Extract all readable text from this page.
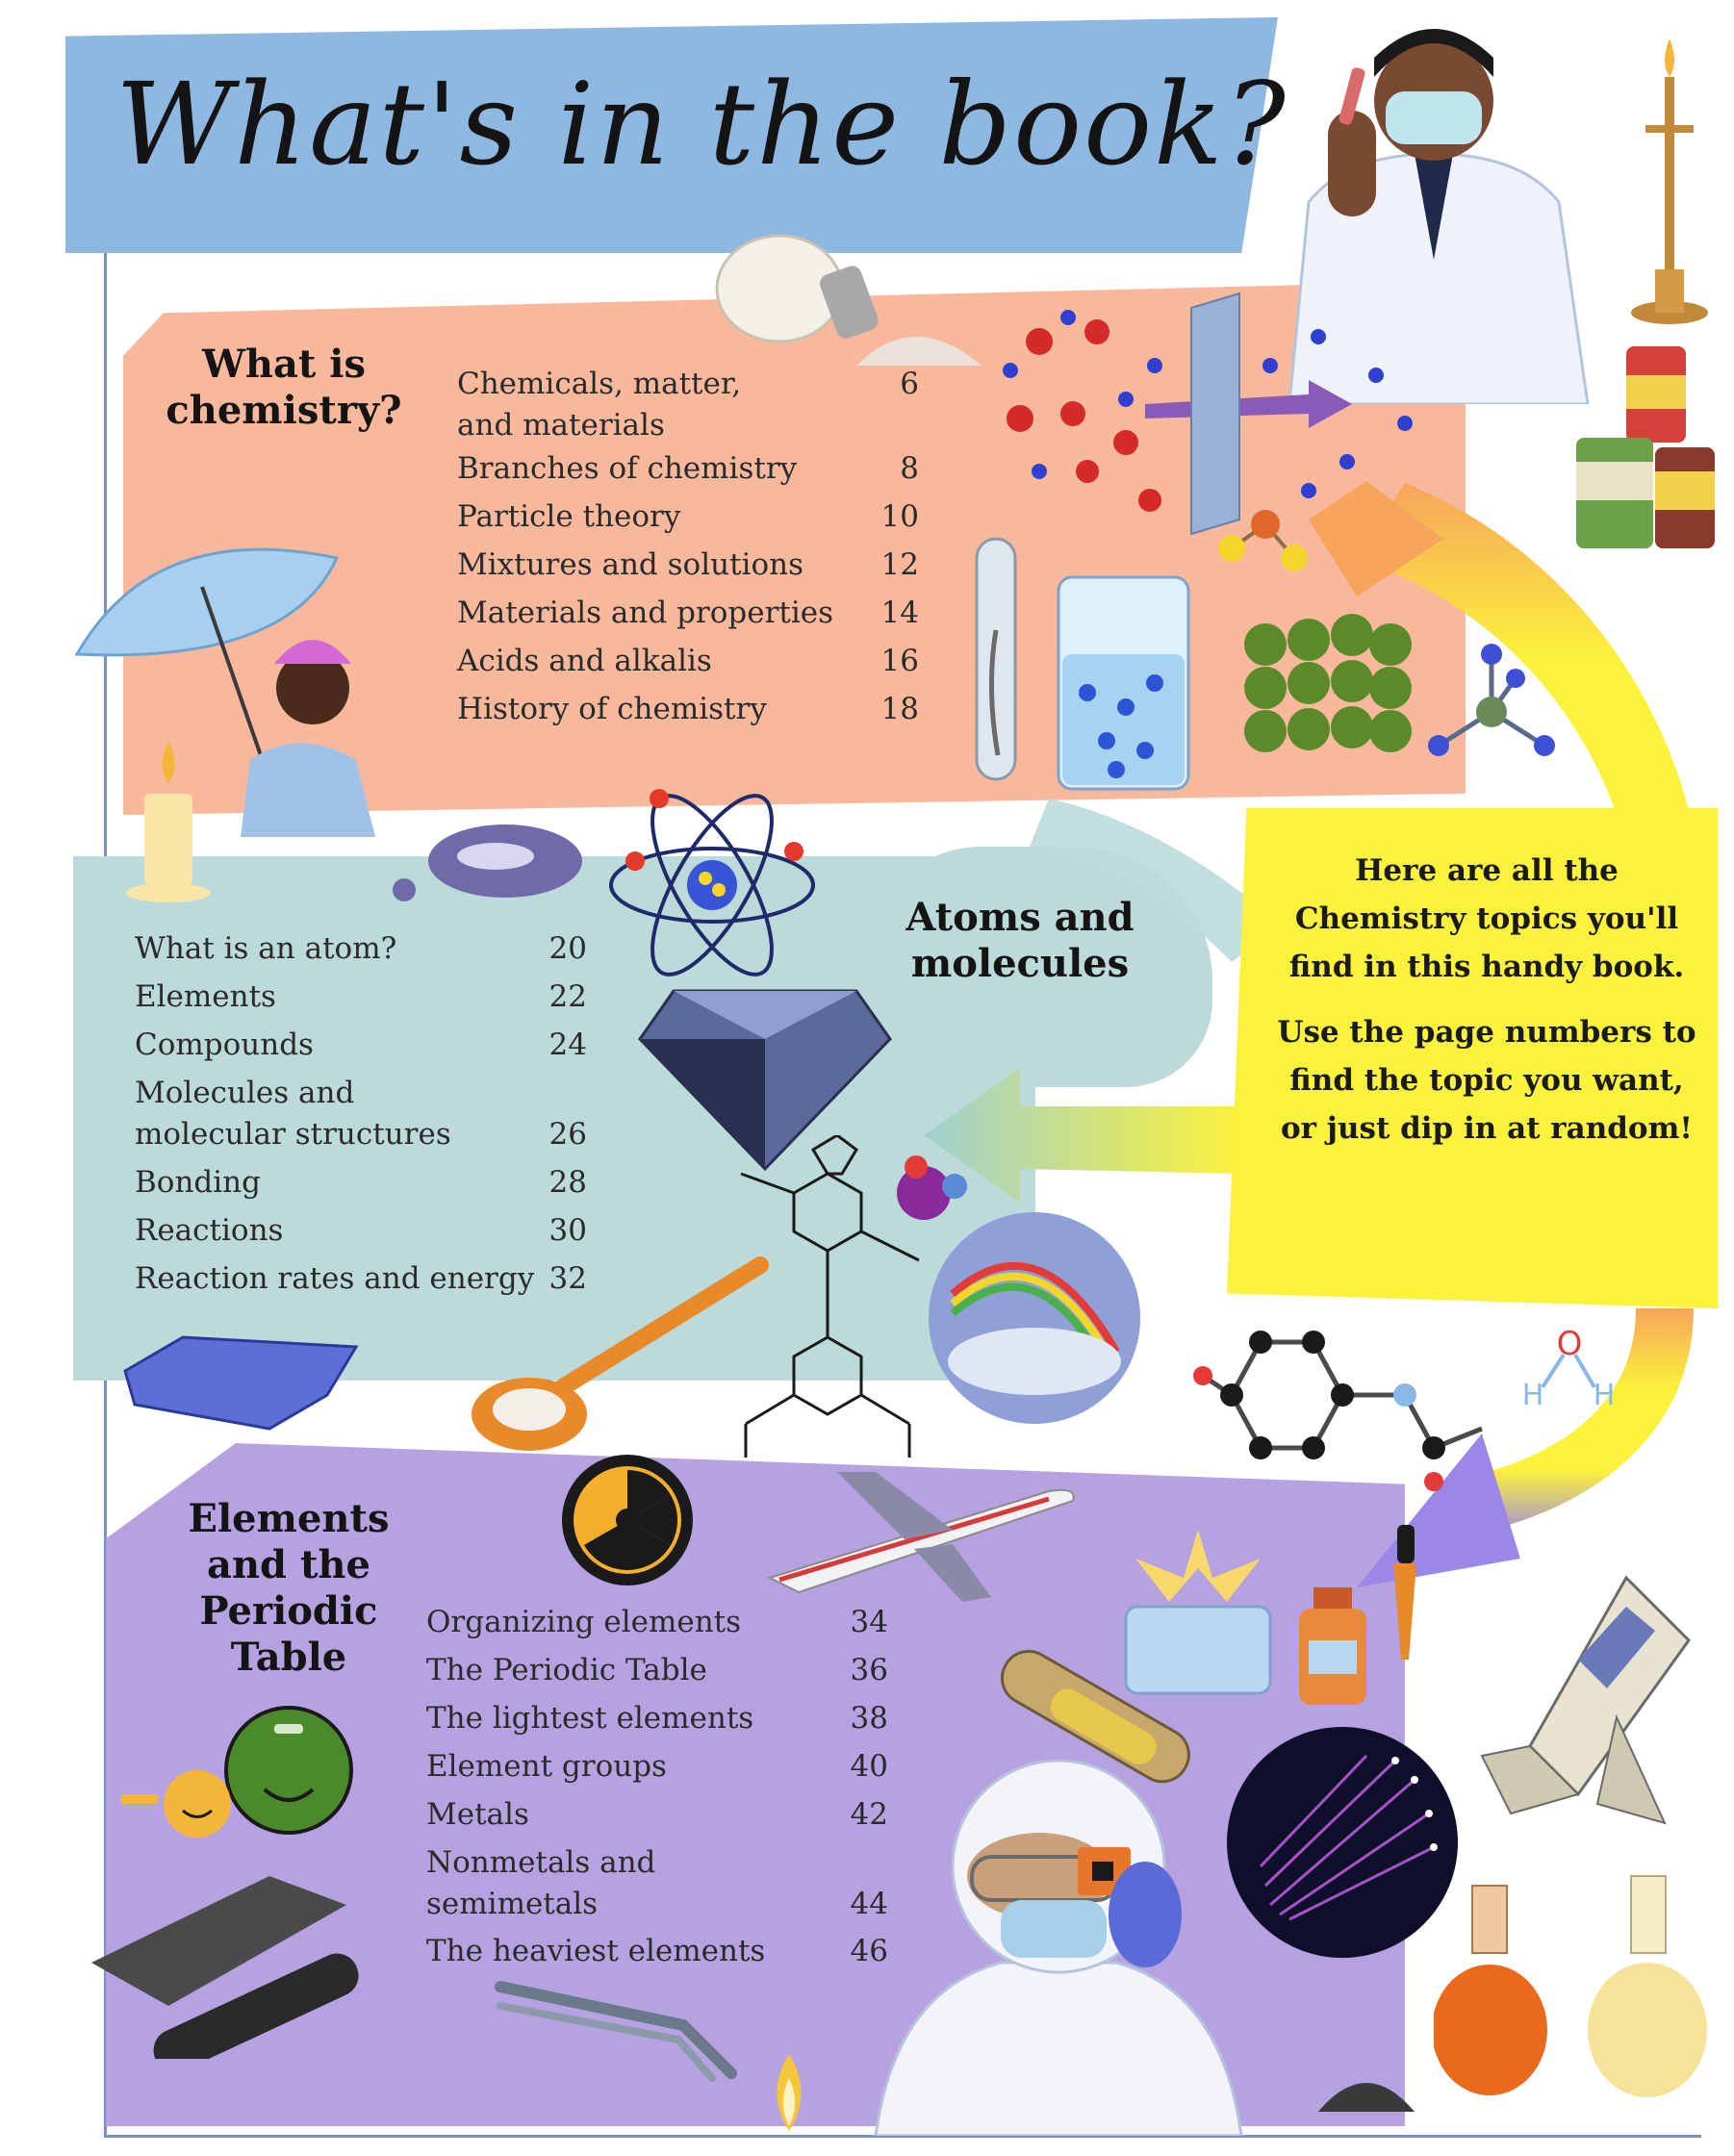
What's in the book?
What is
chemistry?
Chemicals, matter,
and materials
6
Branches of chemistry	8
Particle theory	10
Mixtures and solutions	12
Materials and properties 14
Acids and alkalis	16
History of chemistry	18
Atoms and
molecules
What is an atom?	20
Elements	22
Compounds	24
Molecules and
molecular structures	26
Bonding	28
Reactions	30
Reaction rates and energy 32
Elements
and the
Periodic
Table
Organizing elements	34
The Periodic Table	36
The lightest elements	38
Element groups	40
Metals	42
Nonmetals and
semimetals	44
The heaviest elements	46

Here are all the Chemistry topics you'll find in this handy book.

Use the page numbers to find the topic you want, or just dip in at random!

O
H H
